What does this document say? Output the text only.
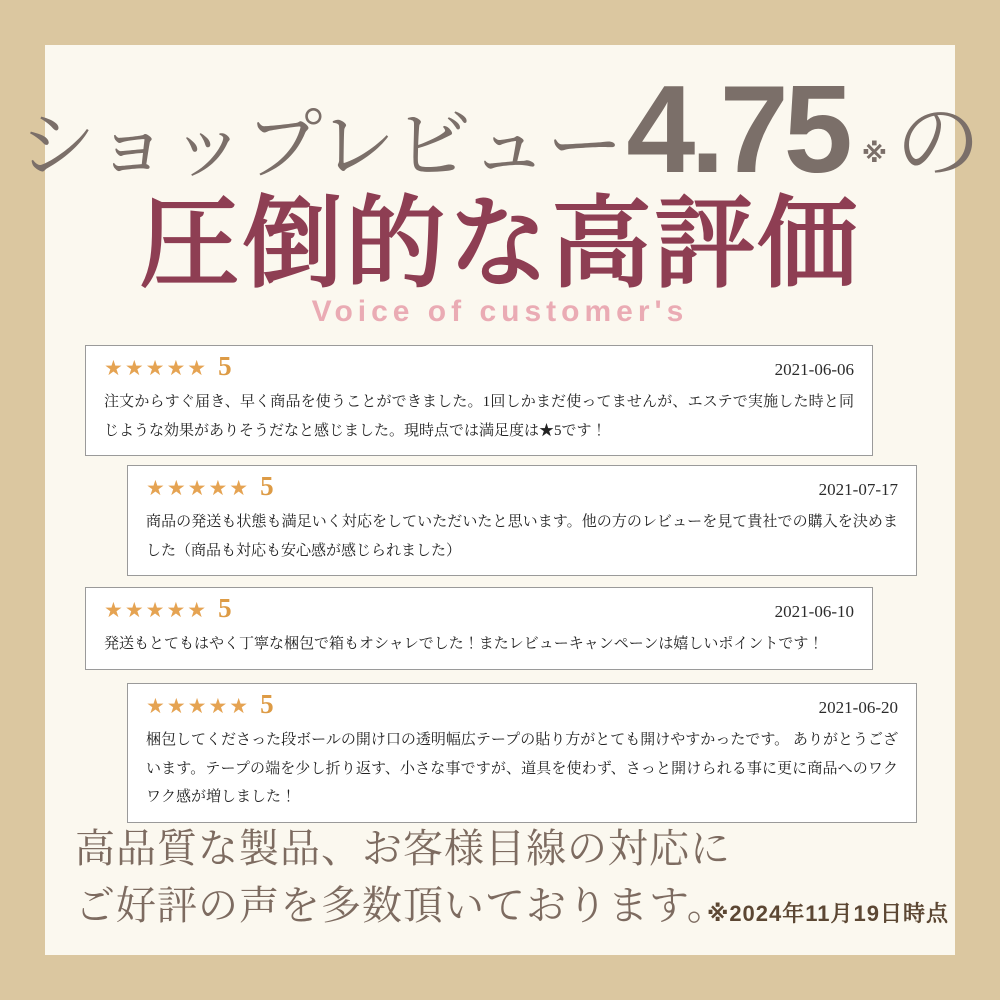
ショップレビュー 4.75 ※ の
圧倒的な高評価
Voice of customer's
★★★★★ 5	2021-06-06
注文からすぐ届き、早く商品を使うことができました。1回しかまだ使ってませんが、エステで実施した時と同じような効果がありそうだなと感じました。現時点では満足度は★5です！
★★★★★ 5	2021-07-17
商品の発送も状態も満足いく対応をしていただいたと思います。他の方のレビューを見て貴社での購入を決めました（商品も対応も安心感が感じられました）
★★★★★ 5	2021-06-10
発送もとてもはやく丁寧な梱包で箱もオシャレでした！またレビューキャンペーンは嬉しいポイントです！
★★★★★ 5	2021-06-20
梱包してくださった段ボールの開け口の透明幅広テープの貼り方がとても開けやすかったです。 ありがとうございます。テープの端を少し折り返す、小さな事ですが、道具を使わず、さっと開けられる事に更に商品へのワクワク感が増しました！
高品質な製品、お客様目線の対応に
ご好評の声を多数頂いております。
※2024年11月19日時点
